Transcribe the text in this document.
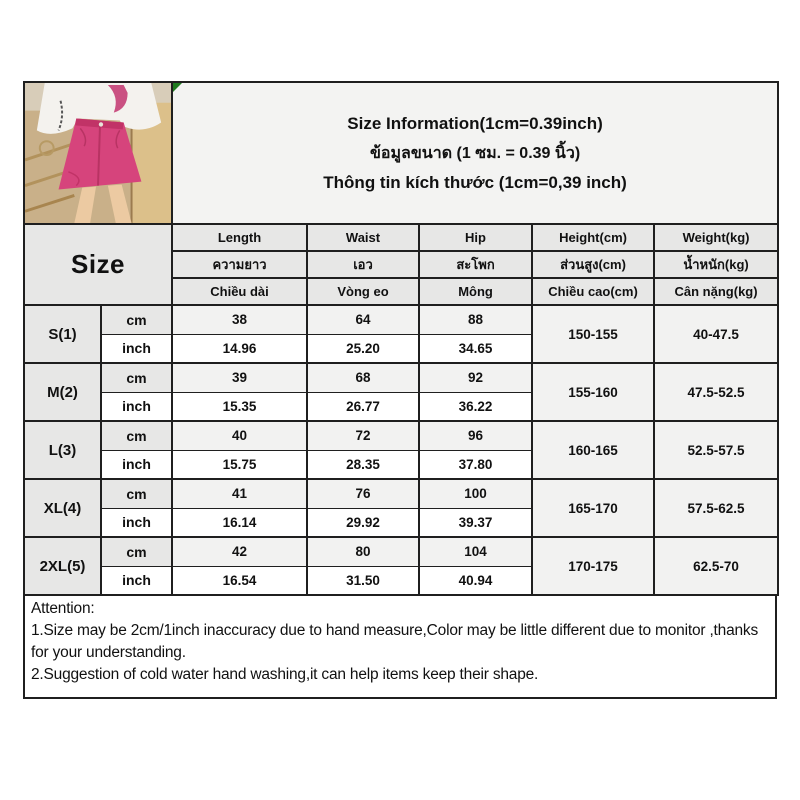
Size Information(1cm=0.39inch)
ข้อมูลขนาด (1 ซม. = 0.39 นิ้ว)
Thông tin kích thước (1cm=0,39 inch)				

Size		Length	Waist	Hip	Height(cm)	Weight(kg)
		ความยาว	เอว	สะโพก	ส่วนสูง(cm)	น้ำหนัก(kg)
		Chiều dài	Vòng eo	Mông	Chiều cao(cm)	Cân nặng(kg)
S(1)	cm	38	64	88	150-155	40-47.5
	inch	14.96	25.20	34.65		
M(2)	cm	39	68	92	155-160	47.5-52.5
	inch	15.35	26.77	36.22		
L(3)	cm	40	72	96	160-165	52.5-57.5
	inch	15.75	28.35	37.80		
XL(4)	cm	41	76	100	165-170	57.5-62.5
	inch	16.14	29.92	39.37		
2XL(5)	cm	42	80	104	170-175	62.5-70
	inch	16.54	31.50	40.94		
Attention:
1.Size may be 2cm/1inch inaccuracy due to hand measure,Color may be little different due to monitor ,thanks for your understanding.
2.Suggestion of cold water hand washing,it can help items keep their shape.
